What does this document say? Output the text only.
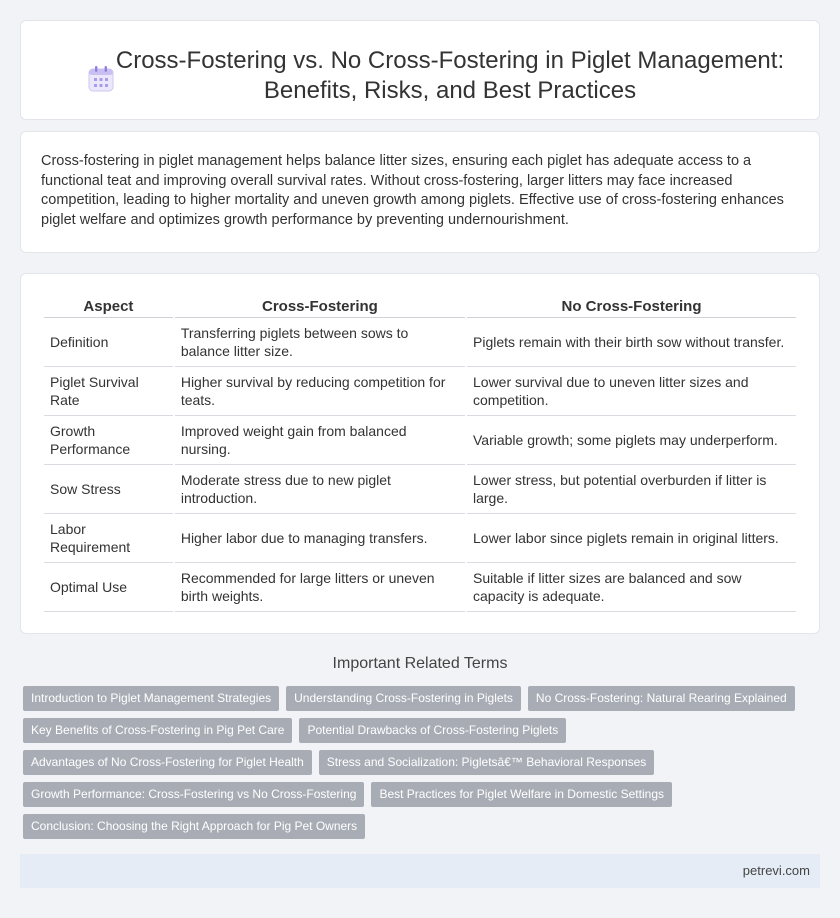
Cross-Fostering vs. No Cross-Fostering in Piglet Management: Benefits, Risks, and Best Practices

Cross-fostering in piglet management helps balance litter sizes, ensuring each piglet has adequate access to a functional teat and improving overall survival rates. Without cross-fostering, larger litters may face increased competition, leading to higher mortality and uneven growth among piglets. Effective use of cross-fostering enhances piglet welfare and optimizes growth performance by preventing undernourishment.

Aspect	Cross-Fostering	No Cross-Fostering
Definition	Transferring piglets between sows to balance litter size.	Piglets remain with their birth sow without transfer.
Piglet Survival Rate	Higher survival by reducing competition for teats.	Lower survival due to uneven litter sizes and competition.
Growth Performance	Improved weight gain from balanced nursing.	Variable growth; some piglets may underperform.
Sow Stress	Moderate stress due to new piglet introduction.	Lower stress, but potential overburden if litter is large.
Labor Requirement	Higher labor due to managing transfers.	Lower labor since piglets remain in original litters.
Optimal Use	Recommended for large litters or uneven birth weights.	Suitable if litter sizes are balanced and sow capacity is adequate.
Important Related Terms
Introduction to Piglet Management Strategies	Understanding Cross-Fostering in Piglets	No Cross-Fostering: Natural Rearing Explained
Key Benefits of Cross-Fostering in Pig Pet Care	Potential Drawbacks of Cross-Fostering Piglets
Advantages of No Cross-Fostering for Piglet Health	Stress and Socialization: Pigletsâ€™ Behavioral Responses
Growth Performance: Cross-Fostering vs No Cross-Fostering	Best Practices for Piglet Welfare in Domestic Settings
Conclusion: Choosing the Right Approach for Pig Pet Owners
petrevi.com
